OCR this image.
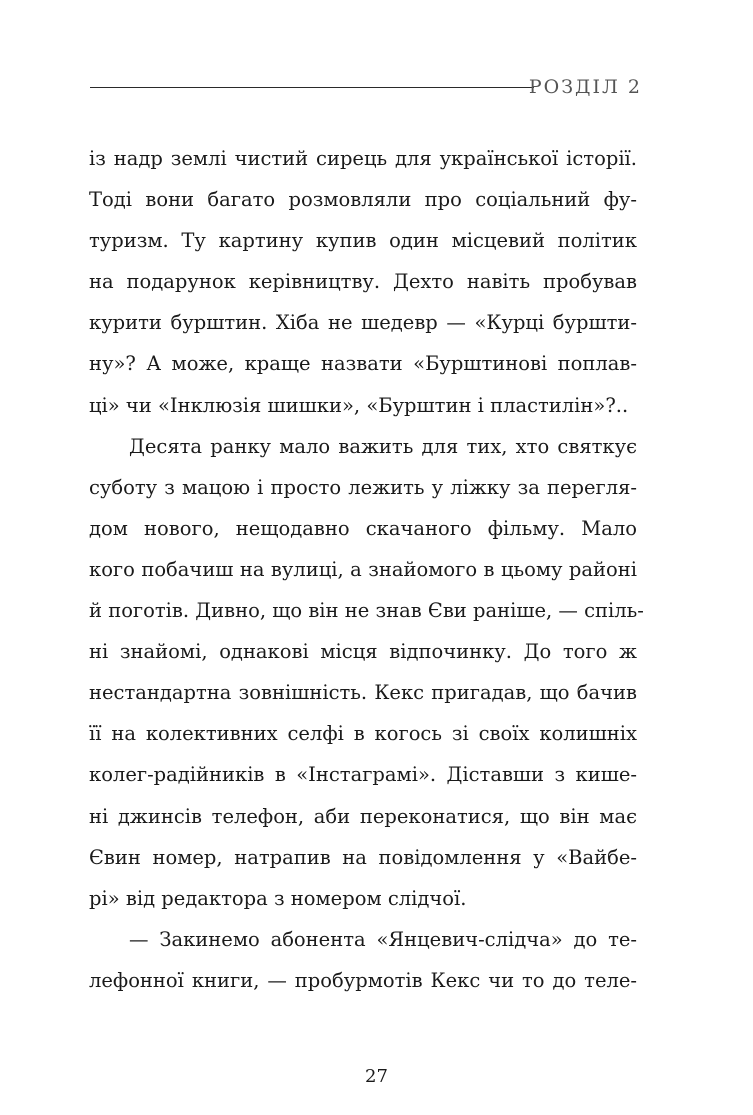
РОЗДІЛ 2
із надр землі чистий сирець для української історії.
Тоді вони багато розмовляли про соціальний фу-
туризм. Ту картину купив один місцевий політик
на подарунок керівництву. Дехто навіть пробував
курити бурштин. Хіба не шедевр — «Курці буршти-
ну»? А може, краще назвати «Бурштинові поплав-
ці» чи «Інклюзія шишки», «Бурштин і пластилін»?..
Десята ранку мало важить для тих, хто святкує
суботу з мацою і просто лежить у ліжку за перегля-
дом нового, нещодавно скачаного фільму. Мало
кого побачиш на вулиці, а знайомого в цьому районі
й поготів. Дивно, що він не знав Єви раніше, — спіль-
ні знайомі, однакові місця відпочинку. До того ж
нестандартна зовнішність. Кекс пригадав, що бачив
її на колективних селфі в когось зі своїх колишніх
колег-радійників в «Інстаграмі». Діставши з кише-
ні джинсів телефон, аби переконатися, що він має
Євин номер, натрапив на повідомлення у «Вайбе-
рі» від редактора з номером слідчої.
— Закинемо абонента «Янцевич-слідча» до те-
лефонної книги, — пробурмотів Кекс чи то до теле-
27
